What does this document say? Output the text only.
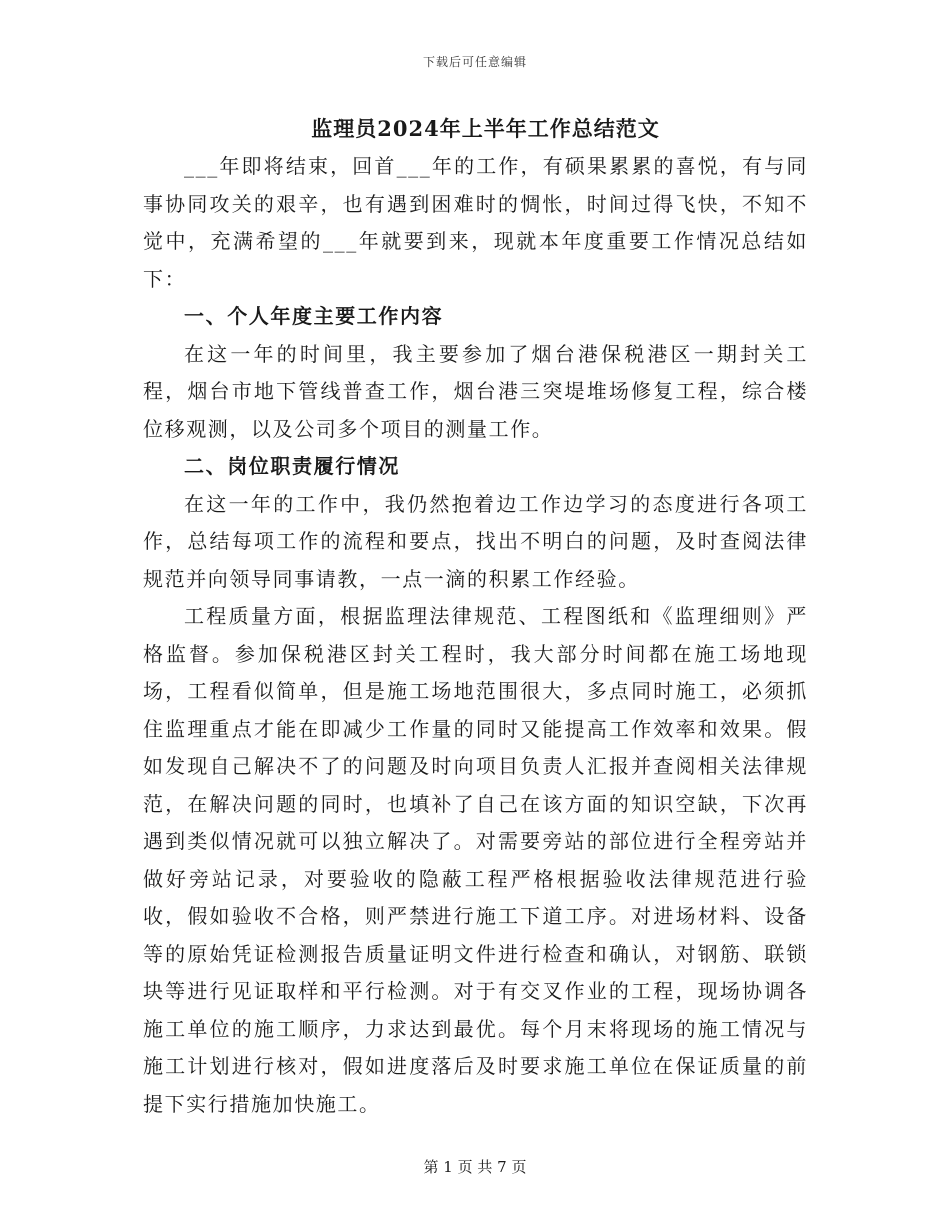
下载后可任意编辑
监理员2024年上半年工作总结范文

___年即将结束，回首___年的工作，有硕果累累的喜悦，有与同事协同攻关的艰辛，也有遇到困难时的惆怅，时间过得飞快，不知不觉中，充满希望的___年就要到来，现就本年度重要工作情况总结如下：

一、个人年度主要工作内容

在这一年的时间里，我主要参加了烟台港保税港区一期封关工程，烟台市地下管线普查工作，烟台港三突堤堆场修复工程，综合楼位移观测，以及公司多个项目的测量工作。

二、岗位职责履行情况

在这一年的工作中，我仍然抱着边工作边学习的态度进行各项工作，总结每项工作的流程和要点，找出不明白的问题，及时查阅法律规范并向领导同事请教，一点一滴的积累工作经验。

工程质量方面，根据监理法律规范、工程图纸和《监理细则》严格监督。参加保税港区封关工程时，我大部分时间都在施工场地现场，工程看似简单，但是施工场地范围很大，多点同时施工，必须抓住监理重点才能在即减少工作量的同时又能提高工作效率和效果。假如发现自己解决不了的问题及时向项目负责人汇报并查阅相关法律规范，在解决问题的同时，也填补了自己在该方面的知识空缺，下次再遇到类似情况就可以独立解决了。对需要旁站的部位进行全程旁站并做好旁站记录，对要验收的隐蔽工程严格根据验收法律规范进行验收，假如验收不合格，则严禁进行施工下道工序。对进场材料、设备等的原始凭证检测报告质量证明文件进行检查和确认，对钢筋、联锁块等进行见证取样和平行检测。对于有交叉作业的工程，现场协调各施工单位的施工顺序，力求达到最优。每个月末将现场的施工情况与施工计划进行核对，假如进度落后及时要求施工单位在保证质量的前提下实行措施加快施工。

第 1 页 共 7 页
